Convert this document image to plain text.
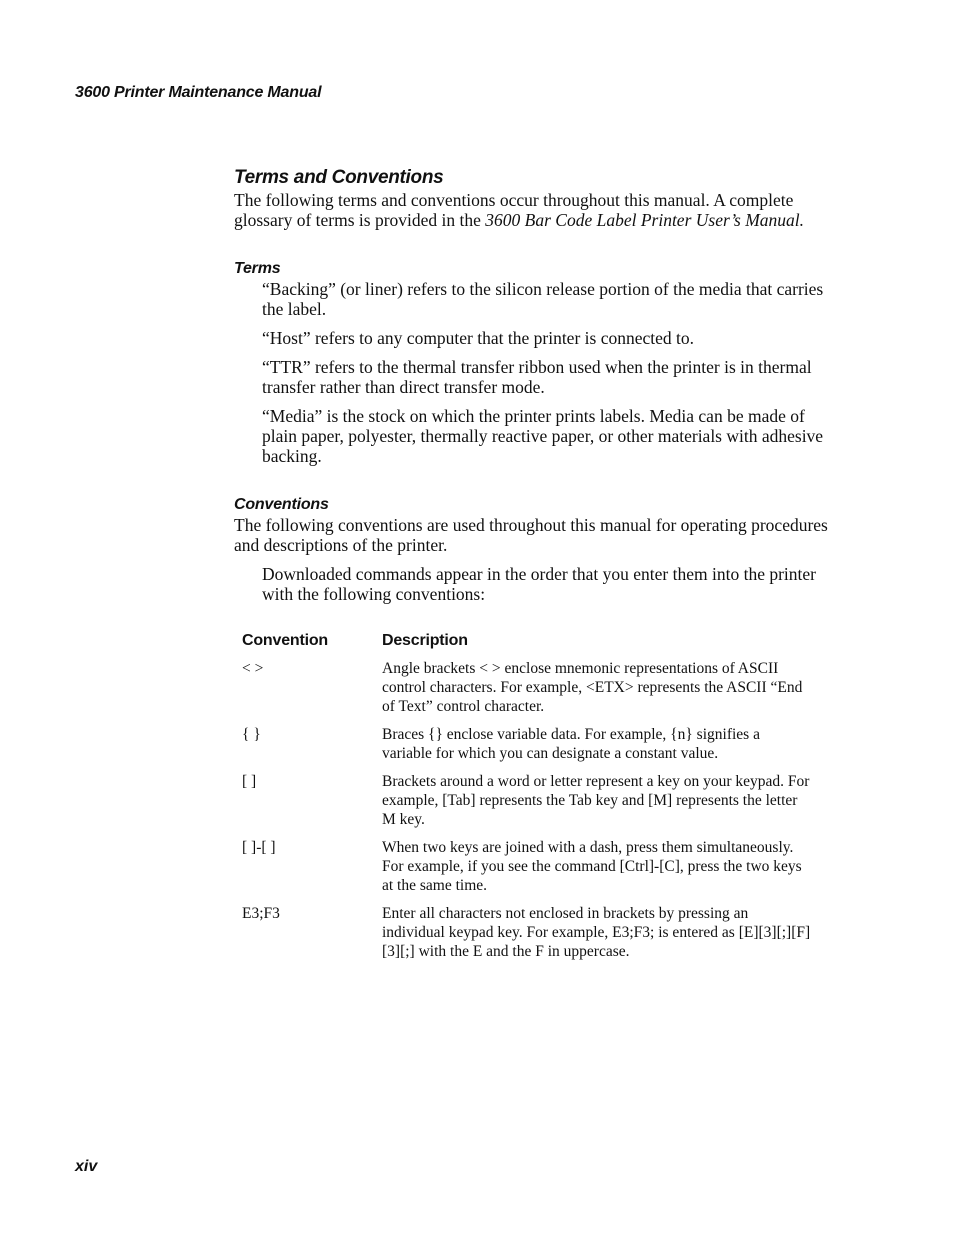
3600 Printer Maintenance Manual
Terms and Conventions

The following terms and conventions occur throughout this manual. A complete glossary of terms is provided in the 3600 Bar Code Label Printer User’s Manual.

Terms

“Backing” (or liner) refers to the silicon release portion of the media that carries the label.

“Host” refers to any computer that the printer is connected to.

“TTR” refers to the thermal transfer ribbon used when the printer is in thermal transfer rather than direct transfer mode.

“Media” is the stock on which the printer prints labels. Media can be made of plain paper, polyester, thermally reactive paper, or other materials with adhesive backing.

Conventions

The following conventions are used throughout this manual for operating procedures and descriptions of the printer.

Downloaded commands appear in the order that you enter them into the printer with the following conventions:

Convention	Description
< >	Angle brackets < > enclose mnemonic representations of ASCII control characters. For example, <ETX> represents the ASCII “End of Text” control character.
{ }	Braces {} enclose variable data. For example, {n} signifies a variable for which you can designate a constant value.
[ ]	Brackets around a word or letter represent a key on your keypad. For example, [Tab] represents the Tab key and [M] represents the letter M key.
[ ]-[ ]	When two keys are joined with a dash, press them simultaneously. For example, if you see the command [Ctrl]-[C], press the two keys at the same time.
E3;F3	Enter all characters not enclosed in brackets by pressing an individual keypad key. For example, E3;F3; is entered as [E][3][;][F][3][;] with the E and the F in uppercase.
xiv
